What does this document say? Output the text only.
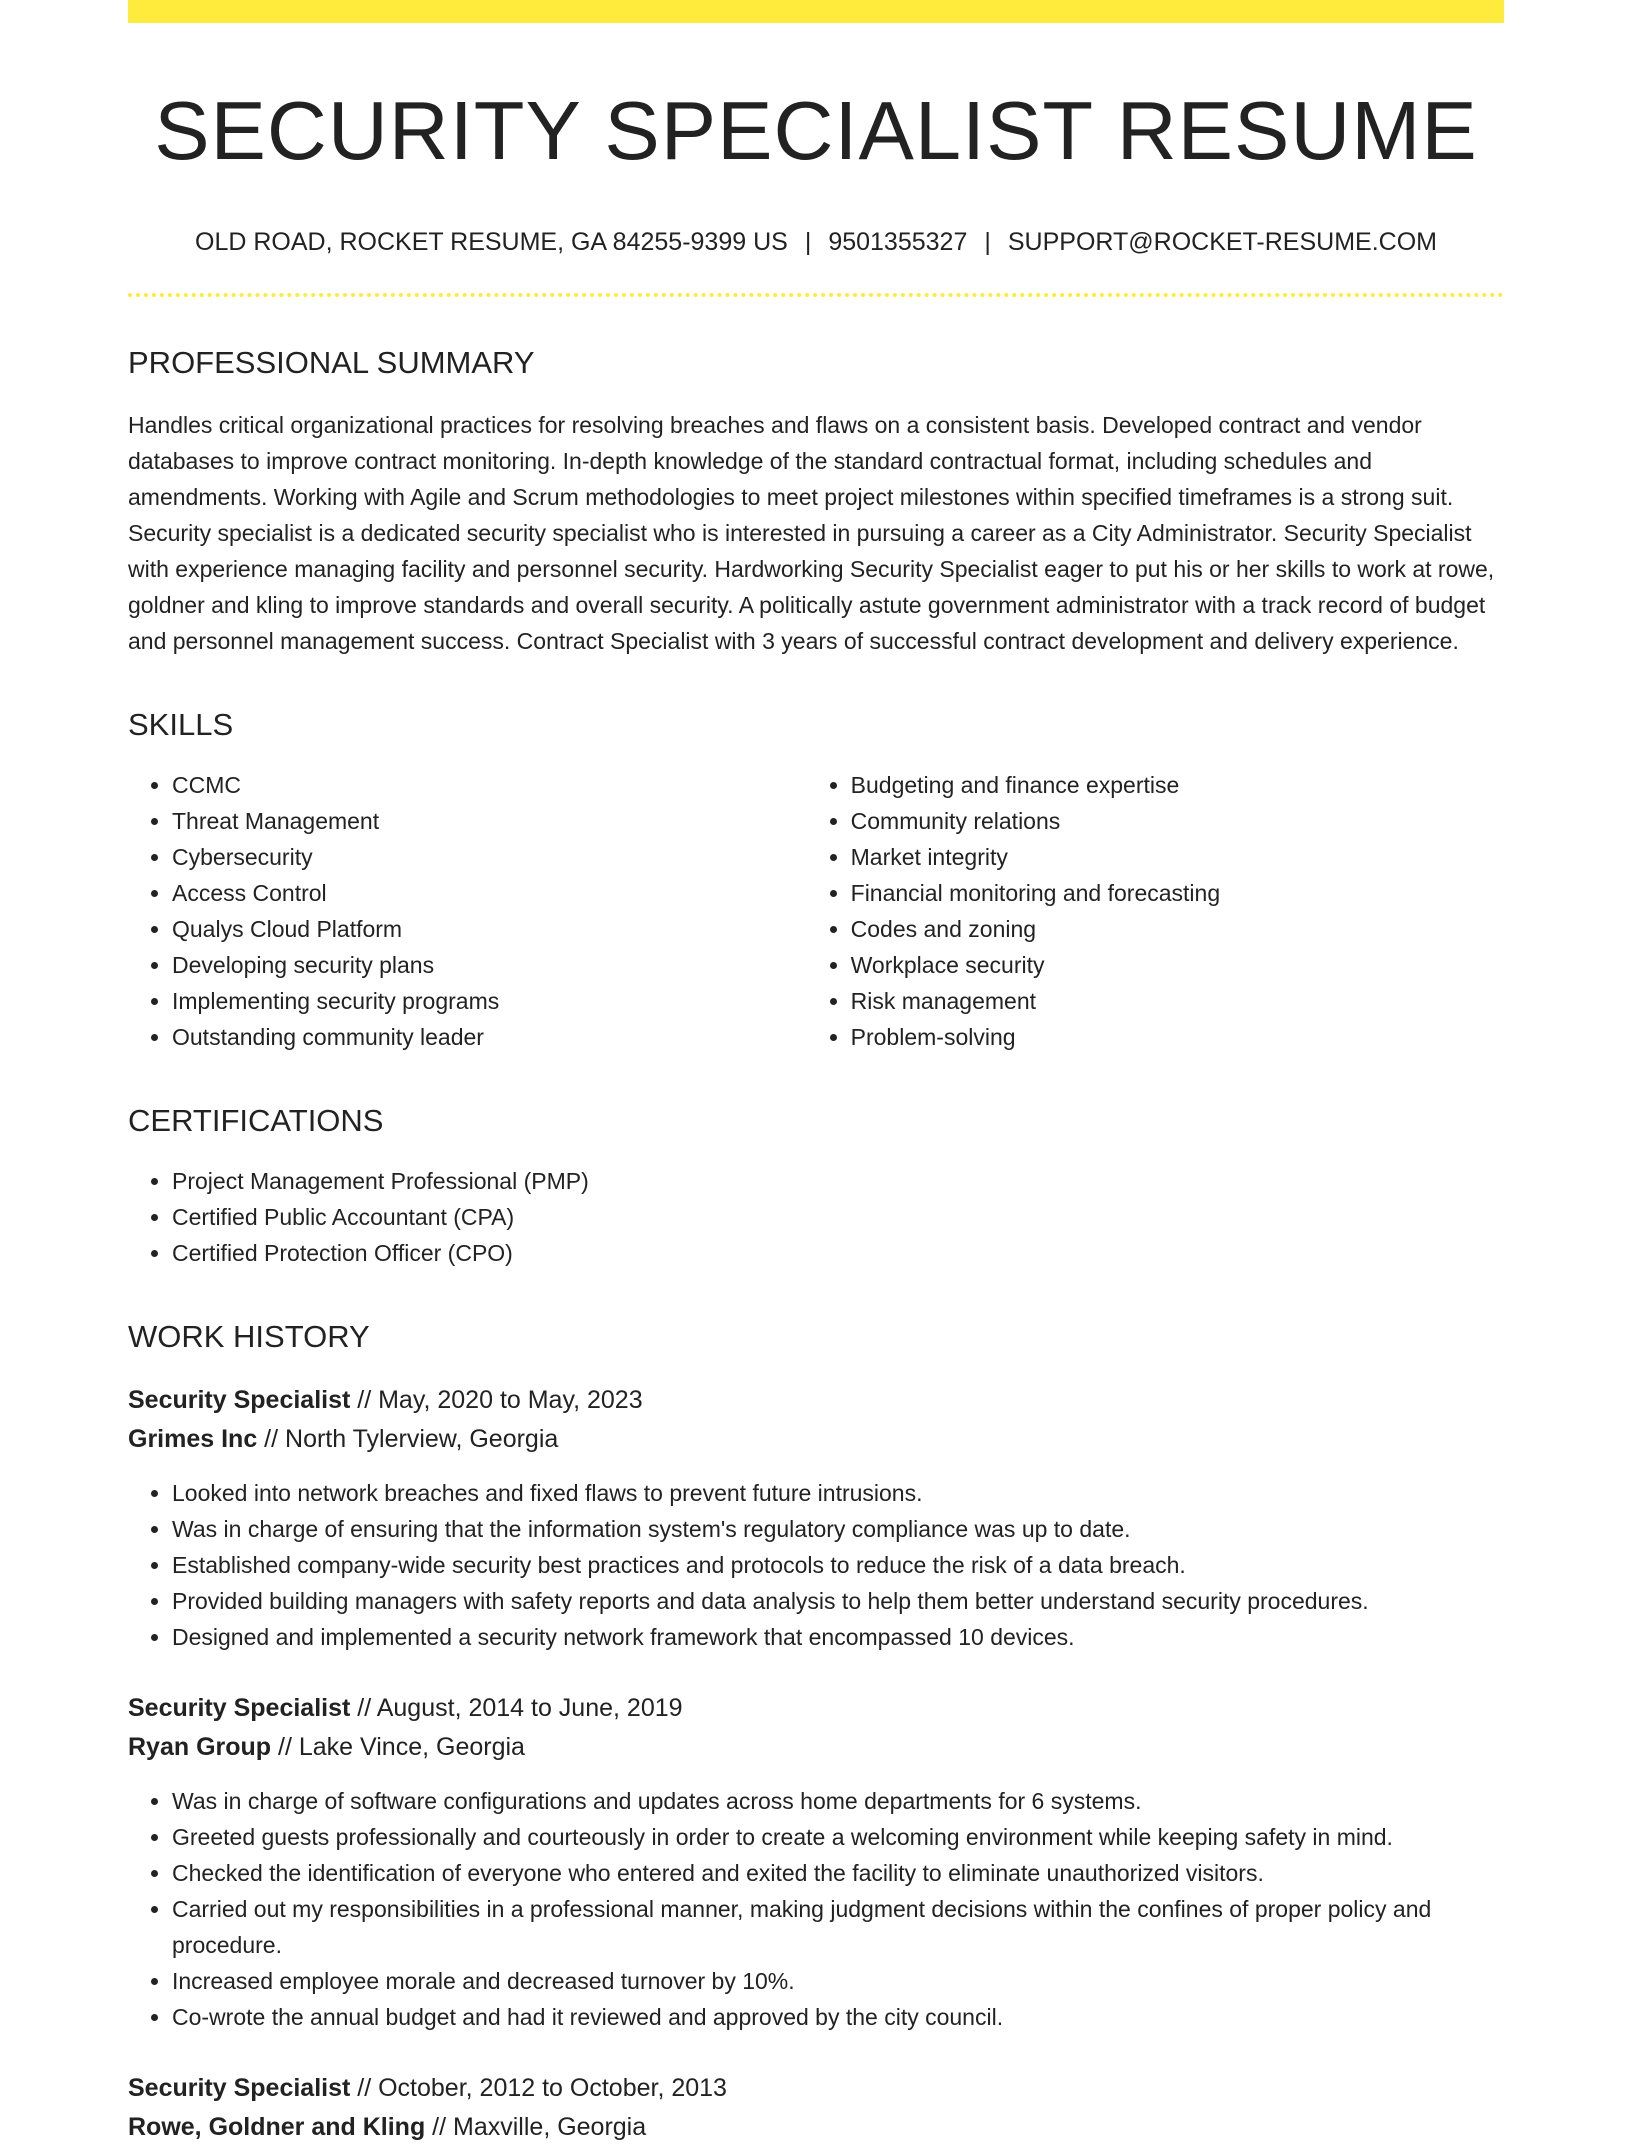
SECURITY SPECIALIST RESUME
OLD ROAD, ROCKET RESUME, GA 84255-9399 US | 9501355327 | SUPPORT@ROCKET-RESUME.COM
PROFESSIONAL SUMMARY
Handles critical organizational practices for resolving breaches and flaws on a consistent basis. Developed contract and vendor databases to improve contract monitoring. In-depth knowledge of the standard contractual format, including schedules and amendments. Working with Agile and Scrum methodologies to meet project milestones within specified timeframes is a strong suit. Security specialist is a dedicated security specialist who is interested in pursuing a career as a City Administrator. Security Specialist with experience managing facility and personnel security. Hardworking Security Specialist eager to put his or her skills to work at rowe, goldner and kling to improve standards and overall security. A politically astute government administrator with a track record of budget and personnel management success. Contract Specialist with 3 years of successful contract development and delivery experience.
SKILLS
• CCMC
• Threat Management
• Cybersecurity
• Access Control
• Qualys Cloud Platform
• Developing security plans
• Implementing security programs
• Outstanding community leader
• Budgeting and finance expertise
• Community relations
• Market integrity
• Financial monitoring and forecasting
• Codes and zoning
• Workplace security
• Risk management
• Problem-solving
CERTIFICATIONS
• Project Management Professional (PMP)
• Certified Public Accountant (CPA)
• Certified Protection Officer (CPO)
WORK HISTORY
Security Specialist // May, 2020 to May, 2023
Grimes Inc // North Tylerview, Georgia
• Looked into network breaches and fixed flaws to prevent future intrusions.
• Was in charge of ensuring that the information system's regulatory compliance was up to date.
• Established company-wide security best practices and protocols to reduce the risk of a data breach.
• Provided building managers with safety reports and data analysis to help them better understand security procedures.
• Designed and implemented a security network framework that encompassed 10 devices.
Security Specialist // August, 2014 to June, 2019
Ryan Group // Lake Vince, Georgia
• Was in charge of software configurations and updates across home departments for 6 systems.
• Greeted guests professionally and courteously in order to create a welcoming environment while keeping safety in mind.
• Checked the identification of everyone who entered and exited the facility to eliminate unauthorized visitors.
• Carried out my responsibilities in a professional manner, making judgment decisions within the confines of proper policy and procedure.
• Increased employee morale and decreased turnover by 10%.
• Co-wrote the annual budget and had it reviewed and approved by the city council.
Security Specialist // October, 2012 to October, 2013
Rowe, Goldner and Kling // Maxville, Georgia
